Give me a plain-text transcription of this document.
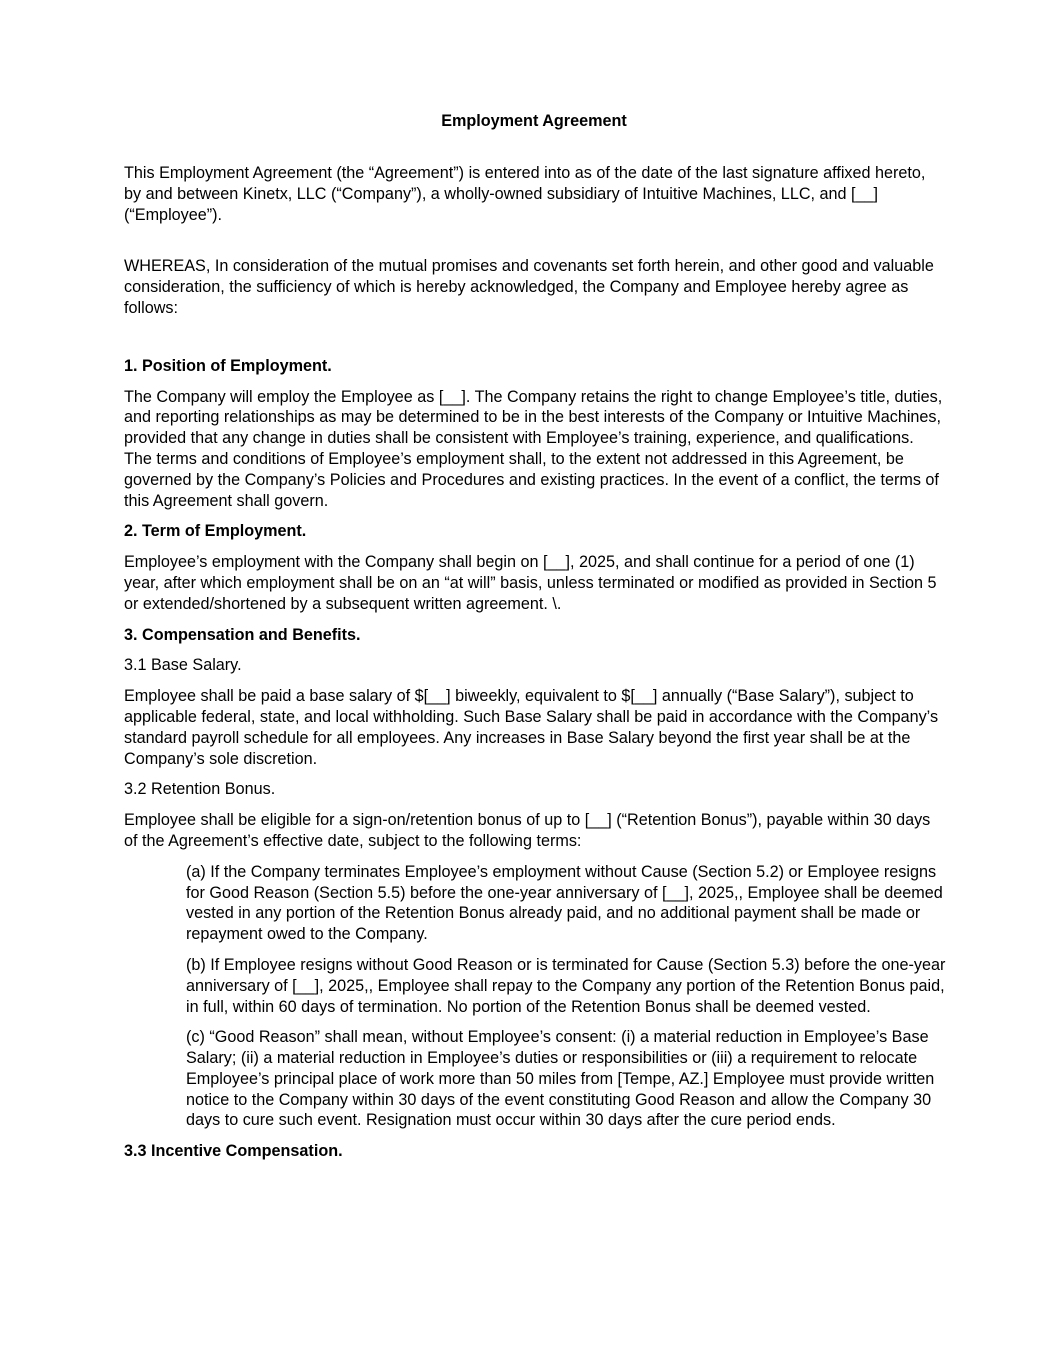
Employment Agreement

This Employment Agreement (the “Agreement”) is entered into as of the date of the last signature affixed hereto, by and between Kinetx, LLC (“Company”), a wholly-owned subsidiary of Intuitive Machines, LLC, and [__] (“Employee”).

WHEREAS, In consideration of the mutual promises and covenants set forth herein, and other good and valuable consideration, the sufficiency of which is hereby acknowledged, the Company and Employee hereby agree as follows:

1. Position of Employment.

The Company will employ the Employee as [__]. The Company retains the right to change Employee’s title, duties, and reporting relationships as may be determined to be in the best interests of the Company or Intuitive Machines, provided that any change in duties shall be consistent with Employee’s training, experience, and qualifications. The terms and conditions of Employee’s employment shall, to the extent not addressed in this Agreement, be governed by the Company’s Policies and Procedures and existing practices. In the event of a conflict, the terms of this Agreement shall govern.

2. Term of Employment.

Employee’s employment with the Company shall begin on [__], 2025, and shall continue for a period of one (1) year, after which employment shall be on an “at will” basis, unless terminated or modified as provided in Section 5 or extended/shortened by a subsequent written agreement. \.

3. Compensation and Benefits.

3.1 Base Salary.

Employee shall be paid a base salary of $[__] biweekly, equivalent to $[__] annually (“Base Salary”), subject to applicable federal, state, and local withholding. Such Base Salary shall be paid in accordance with the Company’s standard payroll schedule for all employees. Any increases in Base Salary beyond the first year shall be at the Company’s sole discretion.

3.2 Retention Bonus.

Employee shall be eligible for a sign-on/retention bonus of up to [__] (“Retention Bonus”), payable within 30 days of the Agreement’s effective date, subject to the following terms:

(a) If the Company terminates Employee’s employment without Cause (Section 5.2) or Employee resigns for Good Reason (Section 5.5) before the one-year anniversary of [__], 2025,, Employee shall be deemed vested in any portion of the Retention Bonus already paid, and no additional payment shall be made or repayment owed to the Company.

(b) If Employee resigns without Good Reason or is terminated for Cause (Section 5.3) before the one-year anniversary of [__], 2025,, Employee shall repay to the Company any portion of the Retention Bonus paid, in full, within 60 days of termination. No portion of the Retention Bonus shall be deemed vested.

(c) “Good Reason” shall mean, without Employee’s consent: (i) a material reduction in Employee’s Base Salary; (ii) a material reduction in Employee’s duties or responsibilities or (iii) a requirement to relocate Employee’s principal place of work more than 50 miles from [Tempe, AZ.] Employee must provide written notice to the Company within 30 days of the event constituting Good Reason and allow the Company 30 days to cure such event. Resignation must occur within 30 days after the cure period ends.

3.3 Incentive Compensation.
